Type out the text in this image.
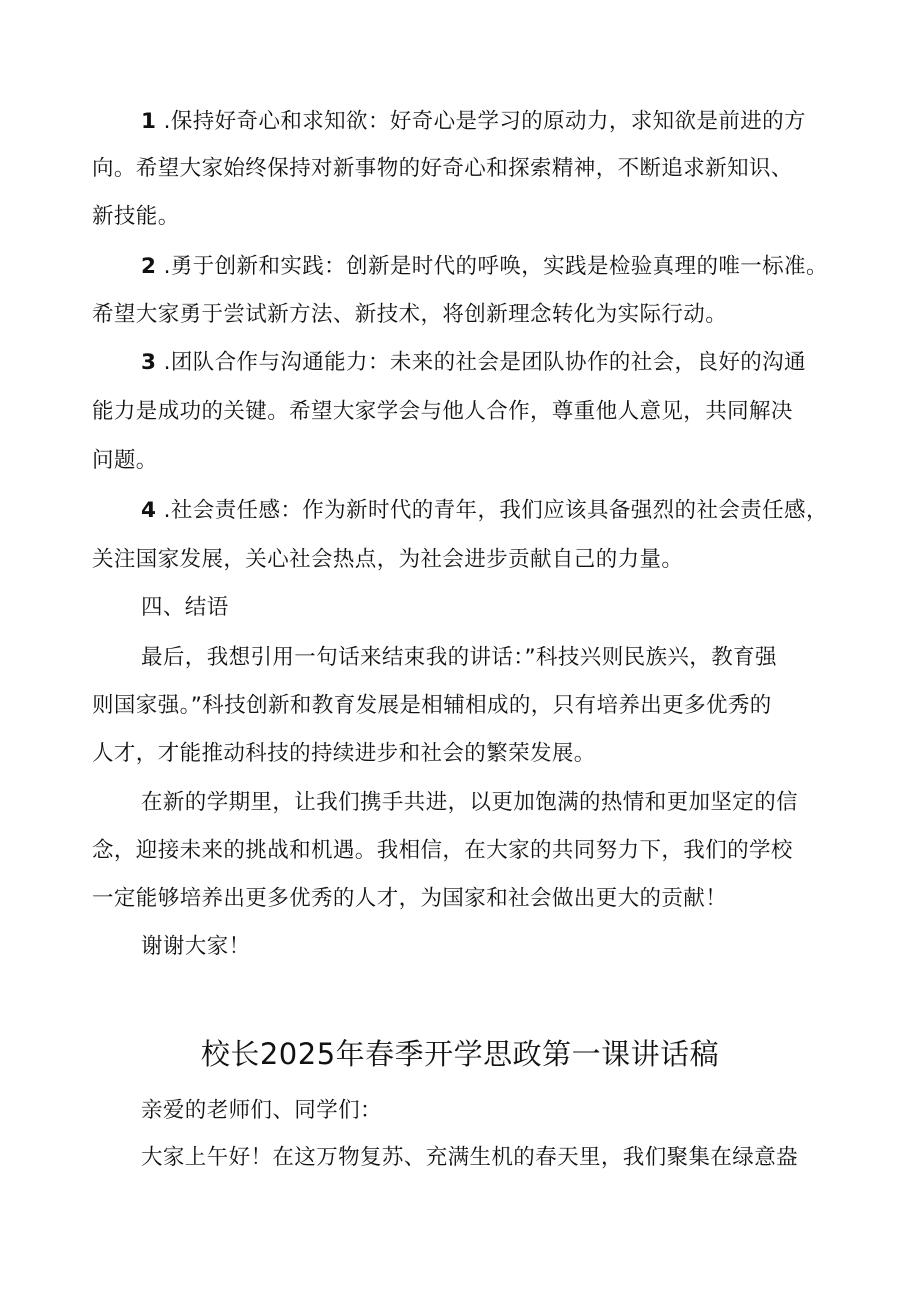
1 .保持好奇心和求知欲：好奇心是学习的原动力，求知欲是前进的方
向。希望大家始终保持对新事物的好奇心和探索精神，不断追求新知识、
新技能。
2 .勇于创新和实践：创新是时代的呼唤，实践是检验真理的唯一标准。
希望大家勇于尝试新方法、新技术，将创新理念转化为实际行动。
3 .团队合作与沟通能力：未来的社会是团队协作的社会，良好的沟通
能力是成功的关键。希望大家学会与他人合作，尊重他人意见，共同解决
问题。
4 .社会责任感：作为新时代的青年，我们应该具备强烈的社会责任感，
关注国家发展，关心社会热点，为社会进步贡献自己的力量。
四、结语
最后，我想引用一句话来结束我的讲话：”科技兴则民族兴，教育强
则国家强。”科技创新和教育发展是相辅相成的，只有培养出更多优秀的
人才，才能推动科技的持续进步和社会的繁荣发展。
在新的学期里，让我们携手共进，以更加饱满的热情和更加坚定的信
念，迎接未来的挑战和机遇。我相信，在大家的共同努力下，我们的学校
一定能够培养出更多优秀的人才，为国家和社会做出更大的贡献！
谢谢大家！
校长2025年春季开学思政第一课讲话稿
亲爱的老师们、同学们：
大家上午好！在这万物复苏、充满生机的春天里，我们聚集在绿意盎
